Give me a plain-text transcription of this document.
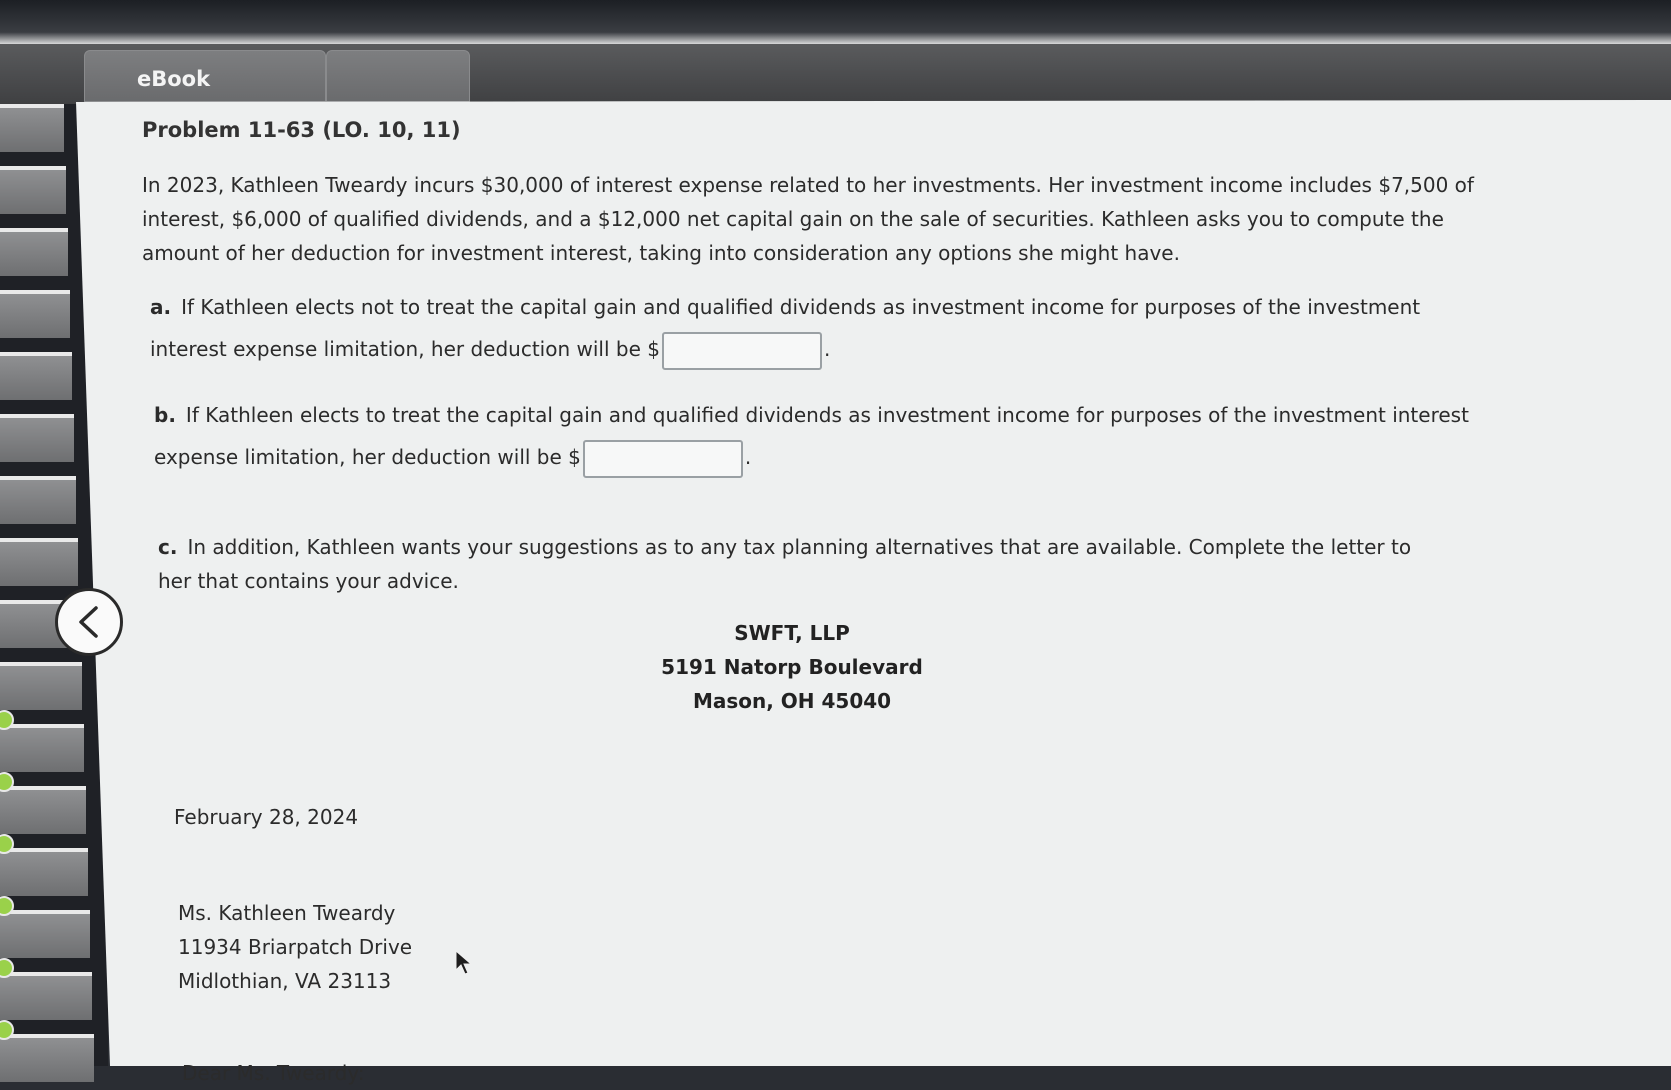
eBook
Problem 11-63 (LO. 10, 11)
In 2023, Kathleen Tweardy incurs $30,000 of interest expense related to her investments. Her investment income includes $7,500 of interest, $6,000 of qualified dividends, and a $12,000 net capital gain on the sale of securities. Kathleen asks you to compute the amount of her deduction for investment interest, taking into consideration any options she might have.
a. If Kathleen elects not to treat the capital gain and qualified dividends as investment income for purposes of the investment interest expense limitation, her deduction will be $	.
b. If Kathleen elects to treat the capital gain and qualified dividends as investment income for purposes of the investment interest expense limitation, her deduction will be $	.
c. In addition, Kathleen wants your suggestions as to any tax planning alternatives that are available. Complete the letter to her that contains your advice.
SWFT, LLP
5191 Natorp Boulevard
Mason, OH 45040
February 28, 2024
Ms. Kathleen Tweardy
11934 Briarpatch Drive
Midlothian, VA 23113
Dear Ms. Tweardy:
